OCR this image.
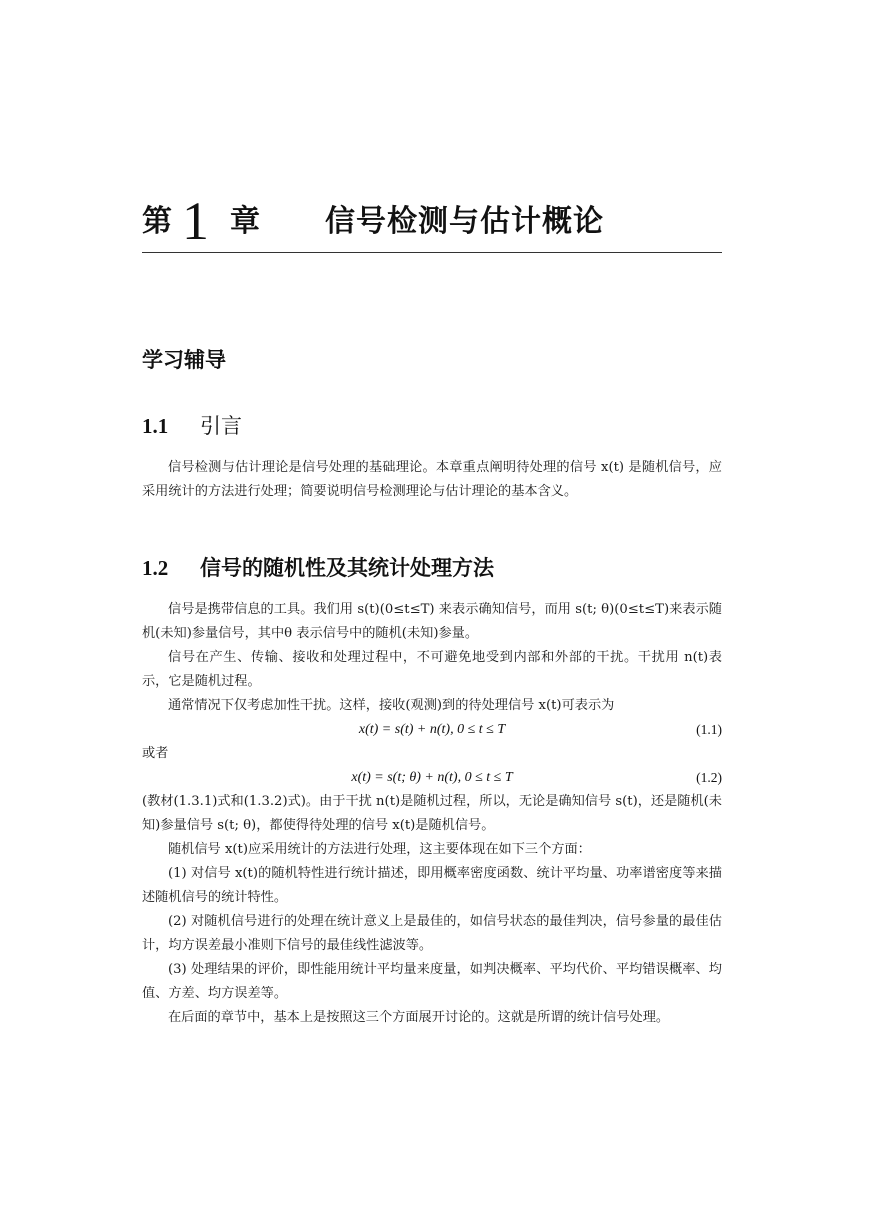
第 1 章 信号检测与估计概论
学习辅导
1.1 引言

信号检测与估计理论是信号处理的基础理论。本章重点阐明待处理的信号 x(t) 是随机信号，应采用统计的方法进行处理；简要说明信号检测理论与估计理论的基本含义。

1.2 信号的随机性及其统计处理方法

信号是携带信息的工具。我们用 s(t)(0≤t≤T) 来表示确知信号，而用 s(t; θ)(0≤t≤T)来表示随机(未知)参量信号，其中θ 表示信号中的随机(未知)参量。

信号在产生、传输、接收和处理过程中，不可避免地受到内部和外部的干扰。干扰用 n(t)表示，它是随机过程。

通常情况下仅考虑加性干扰。这样，接收(观测)到的待处理信号 x(t)可表示为

x(t) = s(t) + n(t), 0 ≤ t ≤ T	(1.1)
或者
x(t) = s(t; θ) + n(t), 0 ≤ t ≤ T	(1.2)

(教材(1.3.1)式和(1.3.2)式)。由于干扰 n(t)是随机过程，所以，无论是确知信号 s(t)，还是随机(未知)参量信号 s(t; θ)，都使得待处理的信号 x(t)是随机信号。

随机信号 x(t)应采用统计的方法进行处理，这主要体现在如下三个方面：

(1) 对信号 x(t)的随机特性进行统计描述，即用概率密度函数、统计平均量、功率谱密度等来描述随机信号的统计特性。

(2) 对随机信号进行的处理在统计意义上是最佳的，如信号状态的最佳判决，信号参量的最佳估计，均方误差最小准则下信号的最佳线性滤波等。

(3) 处理结果的评价，即性能用统计平均量来度量，如判决概率、平均代价、平均错误概率、均值、方差、均方误差等。

在后面的章节中，基本上是按照这三个方面展开讨论的。这就是所谓的统计信号处理。
